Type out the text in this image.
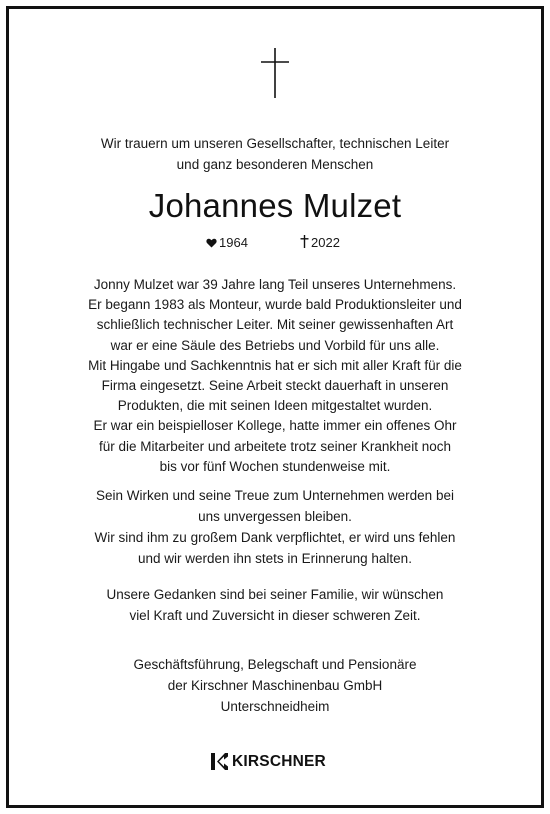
Wir trauern um unseren Gesellschafter, technischen Leiter
und ganz besonderen Menschen
Johannes Mulzet
1964	2022
Jonny Mulzet war 39 Jahre lang Teil unseres Unternehmens.
Er begann 1983 als Monteur, wurde bald Produktionsleiter und
schließlich technischer Leiter. Mit seiner gewissenhaften Art
war er eine Säule des Betriebs und Vorbild für uns alle.
Mit Hingabe und Sachkenntnis hat er sich mit aller Kraft für die
Firma eingesetzt. Seine Arbeit steckt dauerhaft in unseren
Produkten, die mit seinen Ideen mitgestaltet wurden.
Er war ein beispielloser Kollege, hatte immer ein offenes Ohr
für die Mitarbeiter und arbeitete trotz seiner Krankheit noch
bis vor fünf Wochen stundenweise mit.
Sein Wirken und seine Treue zum Unternehmen werden bei
uns unvergessen bleiben.
Wir sind ihm zu großem Dank verpflichtet, er wird uns fehlen
und wir werden ihn stets in Erinnerung halten.
Unsere Gedanken sind bei seiner Familie, wir wünschen
viel Kraft und Zuversicht in dieser schweren Zeit.
Geschäftsführung, Belegschaft und Pensionäre
der Kirschner Maschinenbau GmbH
Unterschneidheim
KIRSCHNER
